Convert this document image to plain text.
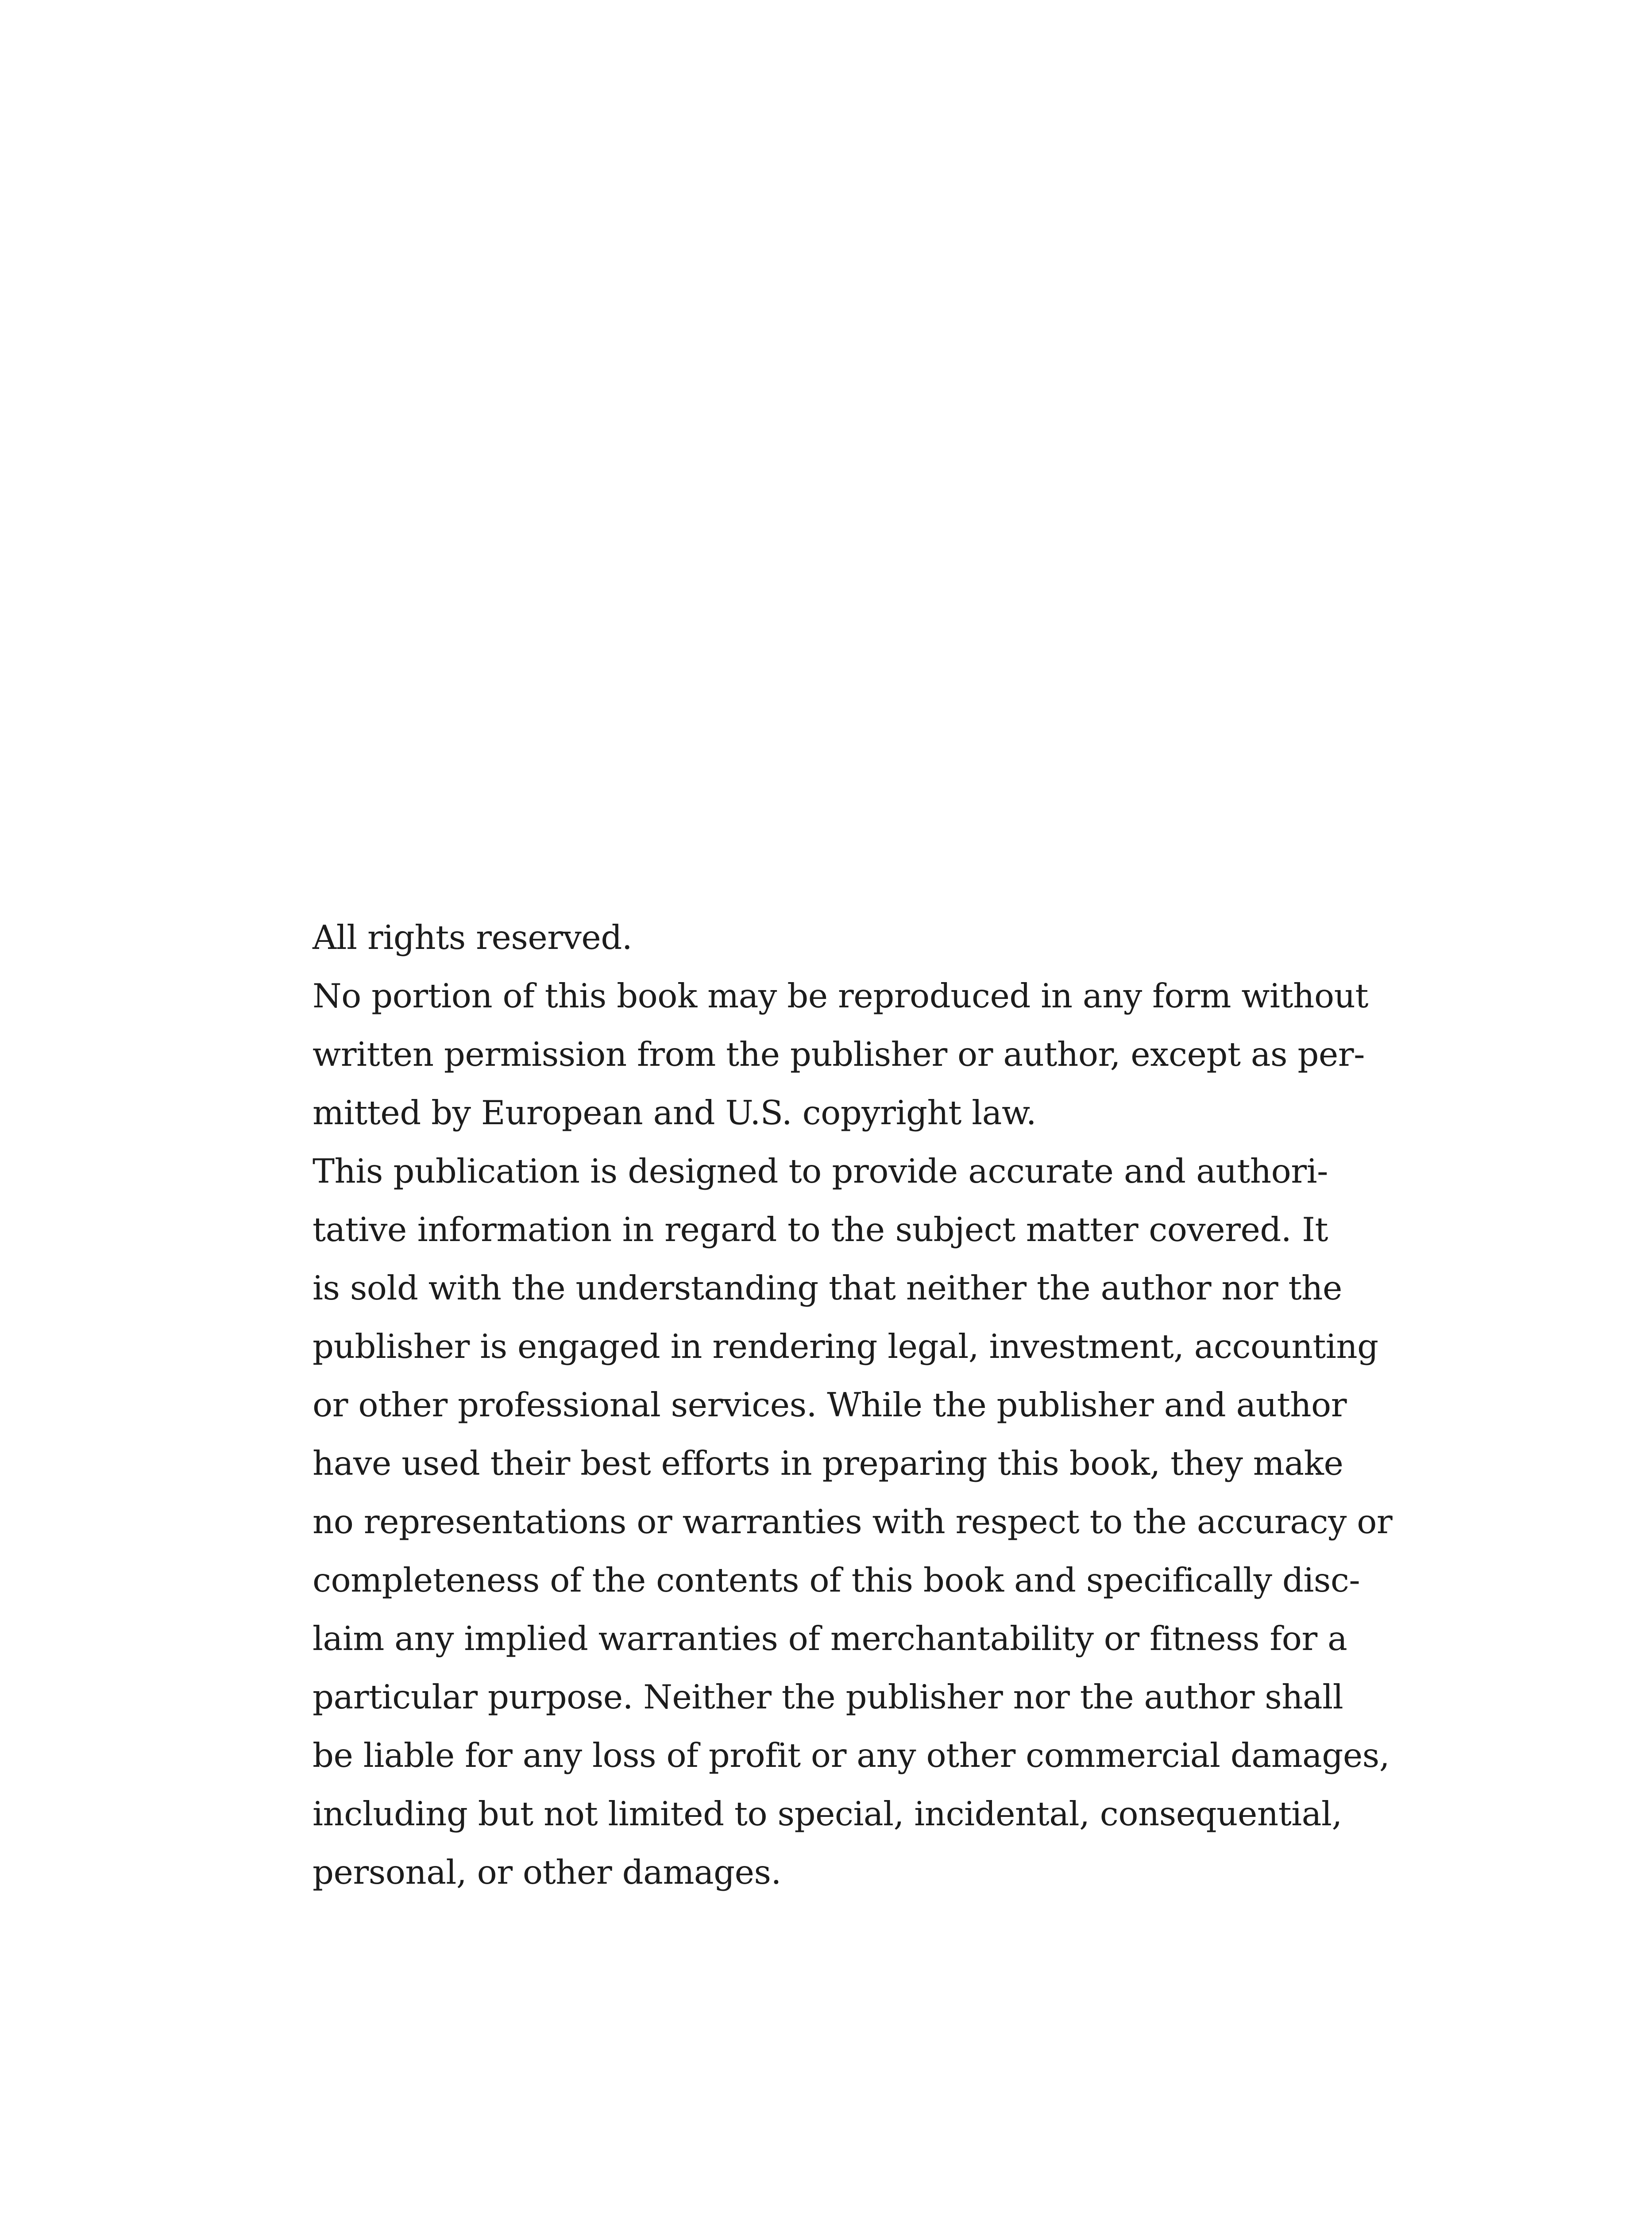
All rights reserved.
No portion of this book may be reproduced in any form without
written permission from the publisher or author, except as per-
mitted by European and U.S. copyright law.
This publication is designed to provide accurate and authori-
tative information in regard to the subject matter covered. It
is sold with the understanding that neither the author nor the
publisher is engaged in rendering legal, investment, accounting
or other professional services. While the publisher and author
have used their best efforts in preparing this book, they make
no representations or warranties with respect to the accuracy or
completeness of the contents of this book and specifically disc-
laim any implied warranties of merchantability or fitness for a
particular purpose. Neither the publisher nor the author shall
be liable for any loss of profit or any other commercial damages,
including but not limited to special, incidental, consequential,
personal, or other damages.
